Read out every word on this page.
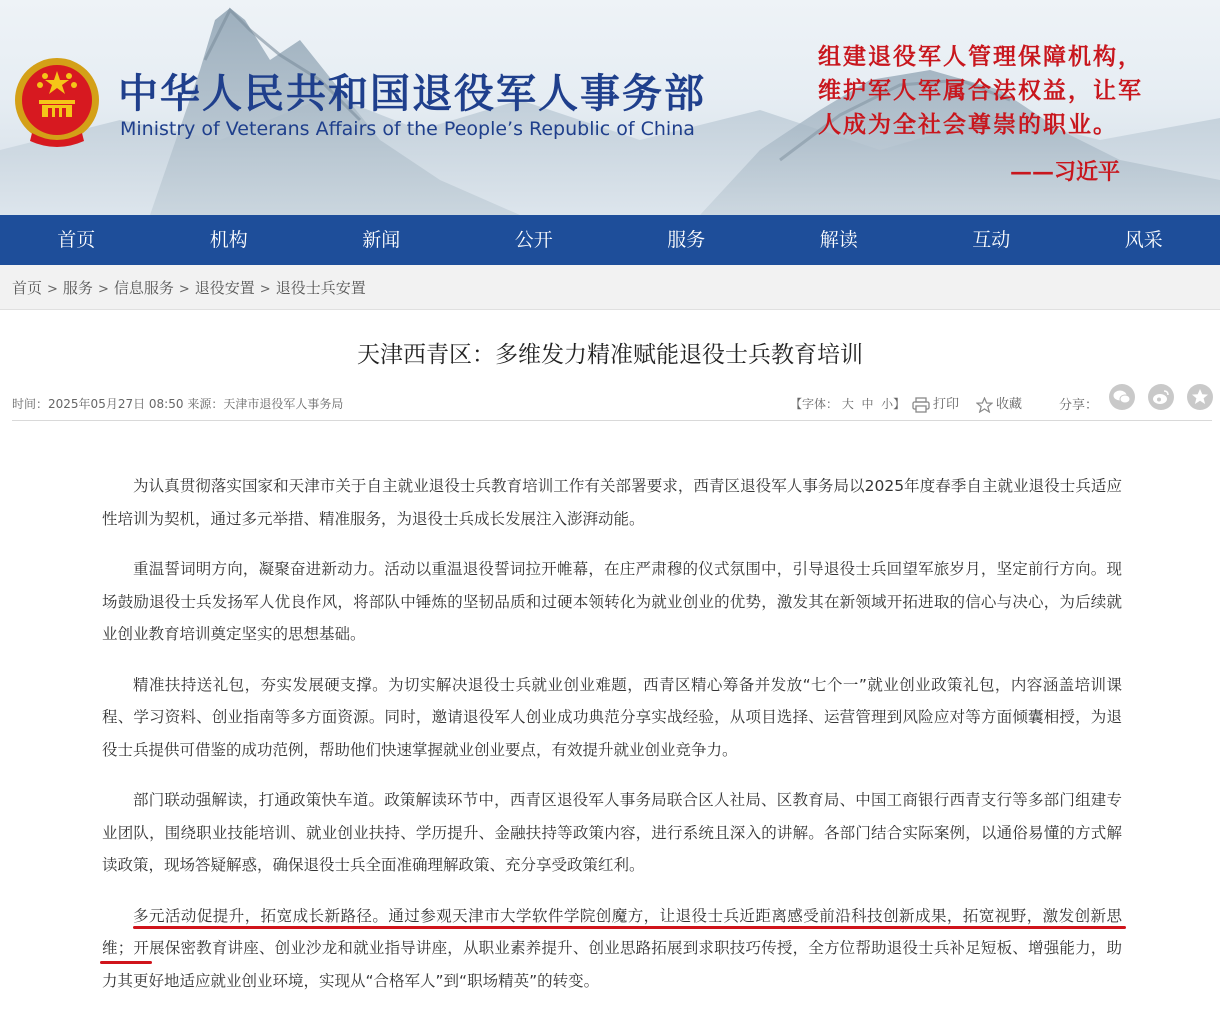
中华人民共和国退役军人事务部
Ministry of Veterans Affairs of the People’s Republic of China
组建退役军人管理保障机构，维护军人军属合法权益，让军人成为全社会尊崇的职业。
——习近平
首页	机构	新闻	公开	服务	解读	互动	风采
首页 > 服务 > 信息服务 > 退役安置 > 退役士兵安置
天津西青区：多维发力精准赋能退役士兵教育培训
时间：2025年05月27日 08:50 来源：天津市退役军人事务局	【字体： 大 中 小】	打印	收藏	分享：

为认真贯彻落实国家和天津市关于自主就业退役士兵教育培训工作有关部署要求，西青区退役军人事务局以2025年度春季自主就业退役士兵适应性培训为契机，通过多元举措、精准服务，为退役士兵成长发展注入澎湃动能。

重温誓词明方向，凝聚奋进新动力。活动以重温退役誓词拉开帷幕，在庄严肃穆的仪式氛围中，引导退役士兵回望军旅岁月，坚定前行方向。现场鼓励退役士兵发扬军人优良作风，将部队中锤炼的坚韧品质和过硬本领转化为就业创业的优势，激发其在新领域开拓进取的信心与决心，为后续就业创业教育培训奠定坚实的思想基础。

精准扶持送礼包，夯实发展硬支撑。为切实解决退役士兵就业创业难题，西青区精心筹备并发放“七个一”就业创业政策礼包，内容涵盖培训课程、学习资料、创业指南等多方面资源。同时，邀请退役军人创业成功典范分享实战经验，从项目选择、运营管理到风险应对等方面倾囊相授，为退役士兵提供可借鉴的成功范例，帮助他们快速掌握就业创业要点，有效提升就业创业竞争力。

部门联动强解读，打通政策快车道。政策解读环节中，西青区退役军人事务局联合区人社局、区教育局、中国工商银行西青支行等多部门组建专业团队，围绕职业技能培训、就业创业扶持、学历提升、金融扶持等政策内容，进行系统且深入的讲解。各部门结合实际案例，以通俗易懂的方式解读政策，现场答疑解惑，确保退役士兵全面准确理解政策、充分享受政策红利。

多元活动促提升，拓宽成长新路径。通过参观天津市大学软件学院创魔方，让退役士兵近距离感受前沿科技创新成果，拓宽视野，激发创新思维；开展保密教育讲座、创业沙龙和就业指导讲座，从职业素养提升、创业思路拓展到求职技巧传授，全方位帮助退役士兵补足短板、增强能力，助力其更好地适应就业创业环境，实现从“合格军人”到“职场精英”的转变。
